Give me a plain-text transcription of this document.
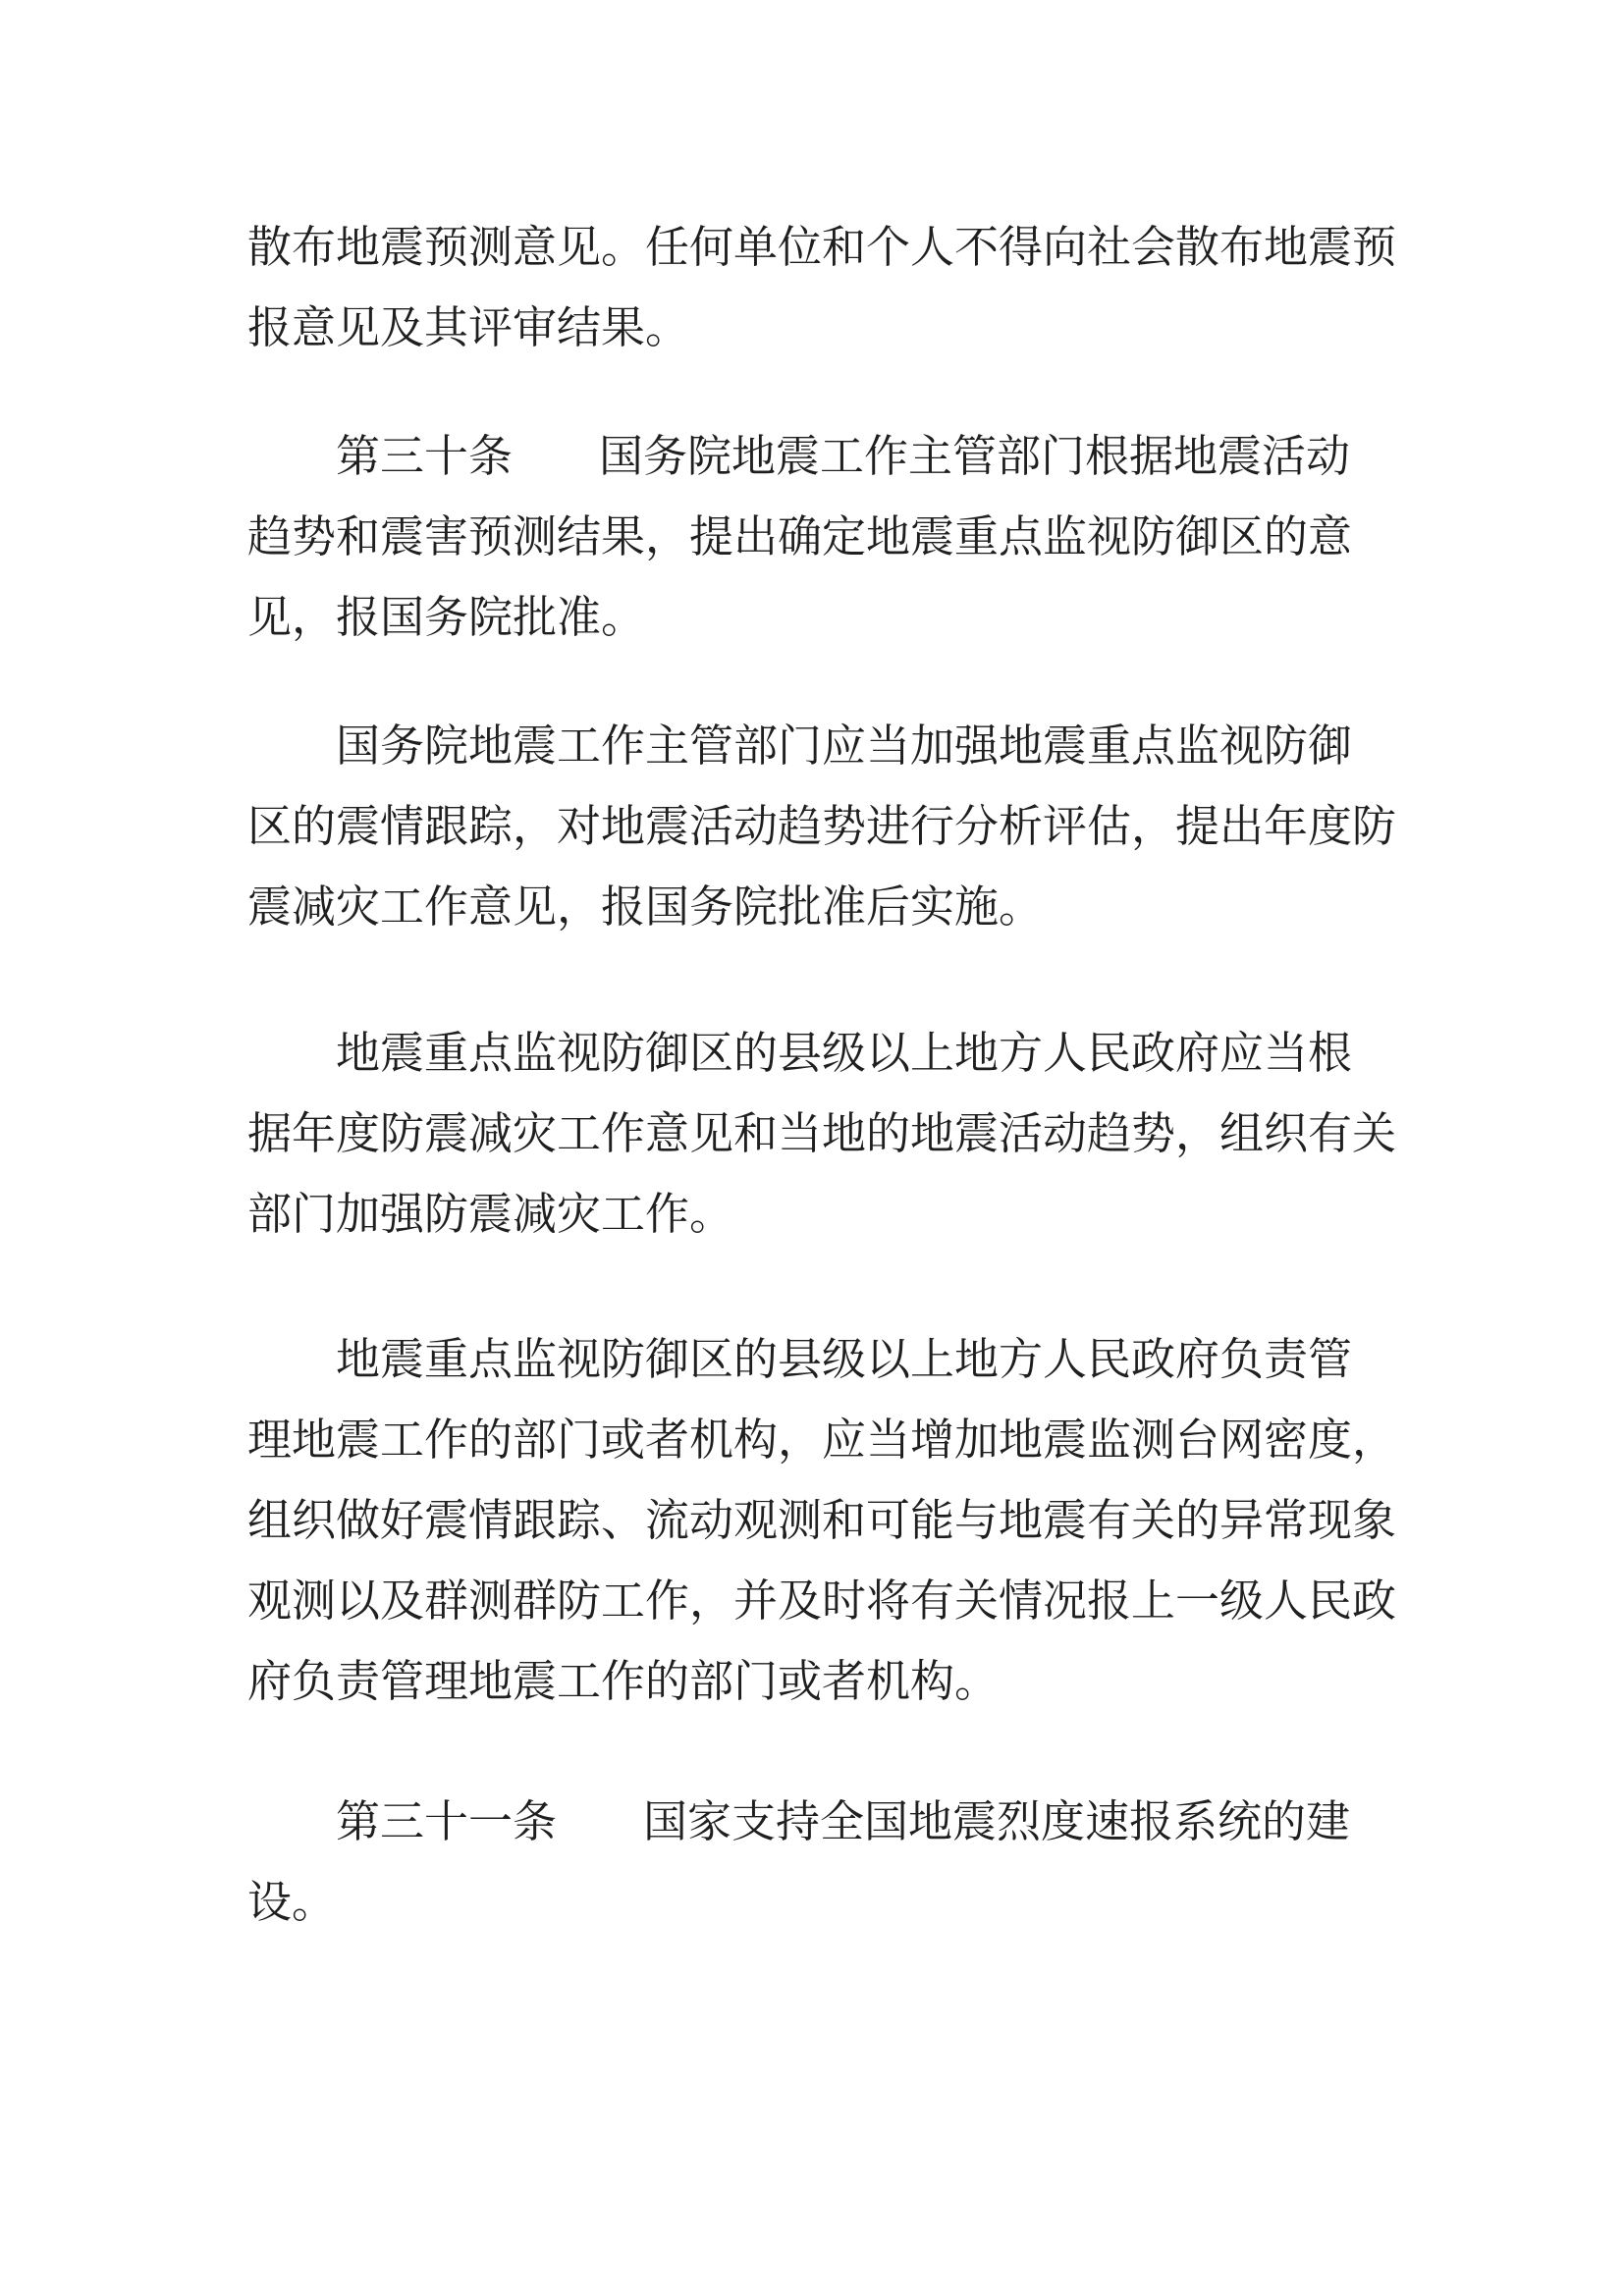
散布地震预测意见。任何单位和个人不得向社会散布地震预
报意见及其评审结果。
第三十条 国务院地震工作主管部门根据地震活动
趋势和震害预测结果，提出确定地震重点监视防御区的意
见，报国务院批准。
国务院地震工作主管部门应当加强地震重点监视防御
区的震情跟踪，对地震活动趋势进行分析评估，提出年度防
震减灾工作意见，报国务院批准后实施。
地震重点监视防御区的县级以上地方人民政府应当根
据年度防震减灾工作意见和当地的地震活动趋势，组织有关
部门加强防震减灾工作。
地震重点监视防御区的县级以上地方人民政府负责管
理地震工作的部门或者机构，应当增加地震监测台网密度，
组织做好震情跟踪、流动观测和可能与地震有关的异常现象
观测以及群测群防工作，并及时将有关情况报上一级人民政
府负责管理地震工作的部门或者机构。
第三十一条 国家支持全国地震烈度速报系统的建
设。
